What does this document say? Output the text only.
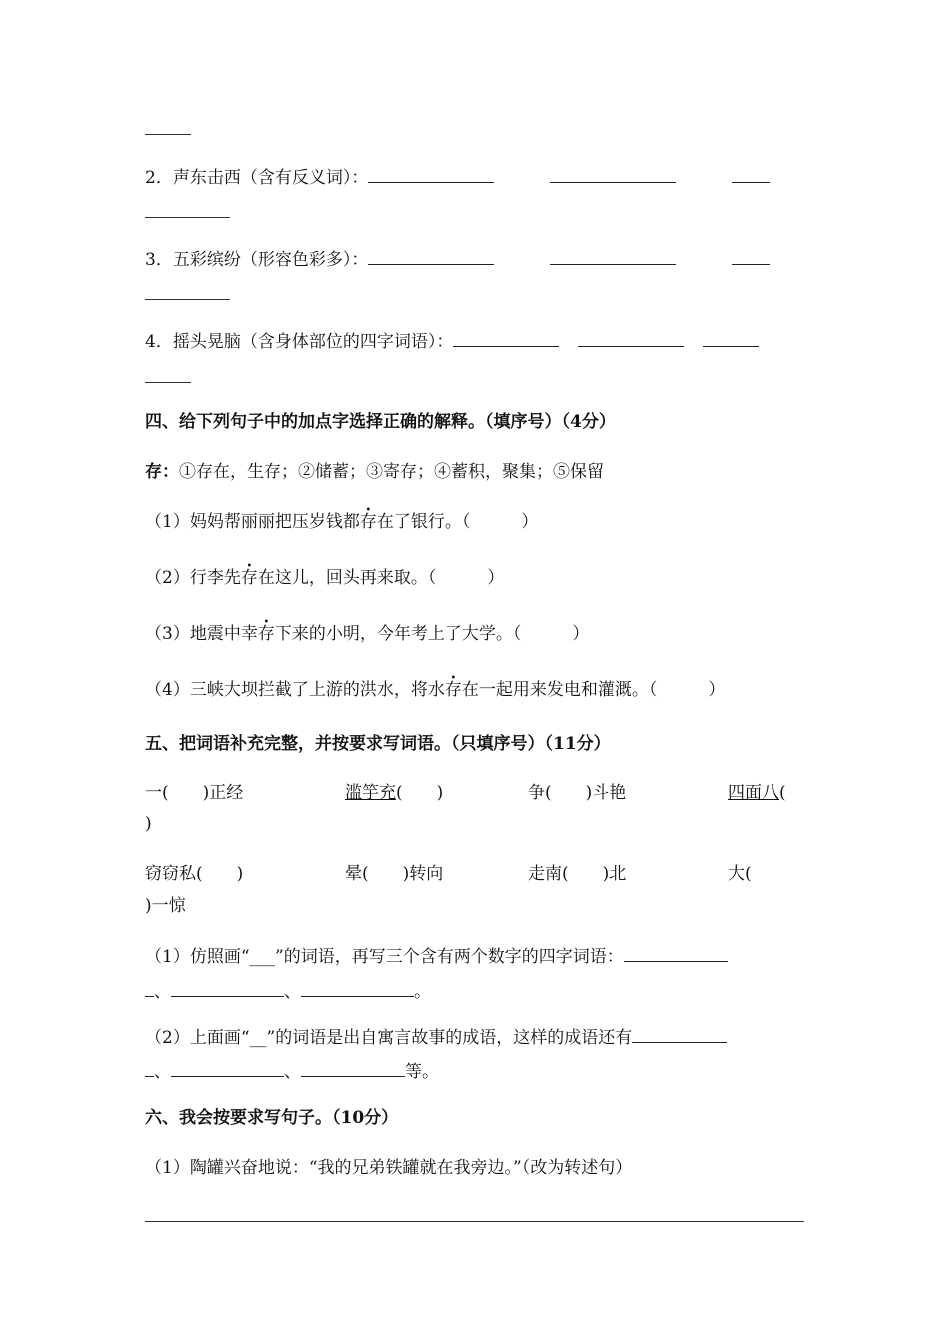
2．声东击西（含有反义词）：
3．五彩缤纷（形容色彩多）：
4．摇头晃脑（含身体部位的四字词语）：
四、给下列句子中的加点字选择正确的解释。（填序号）（4分）
存：①存在，生存；②储蓄；③寄存；④蓄积，聚集；⑤保留
（1）妈妈帮丽丽把压岁钱都存在了银行。（　　　）
（2）行李先存在这儿，回头再来取。（　　　）
（3）地震中幸存下来的小明，今年考上了大学。（　　　）
（4）三峡大坝拦截了上游的洪水，将水存在一起用来发电和灌溉。（　　　）
五、把词语补充完整，并按要求写词语。（只填序号）（11分）
一(　　)正经	滥竽充(　　)	争(　　)斗艳	四面八(
)
窃窃私(　　)	晕(　　)转向	走南(　　)北	大(
)一惊
（1）仿照画“___”的词语，再写三个含有两个数字的四字词语：
、	、	。
（2）上面画“__”的词语是出自寓言故事的成语，这样的成语还有
、	、	等。
六、我会按要求写句子。（10分）
（1）陶罐兴奋地说：“我的兄弟铁罐就在我旁边。”（改为转述句）
